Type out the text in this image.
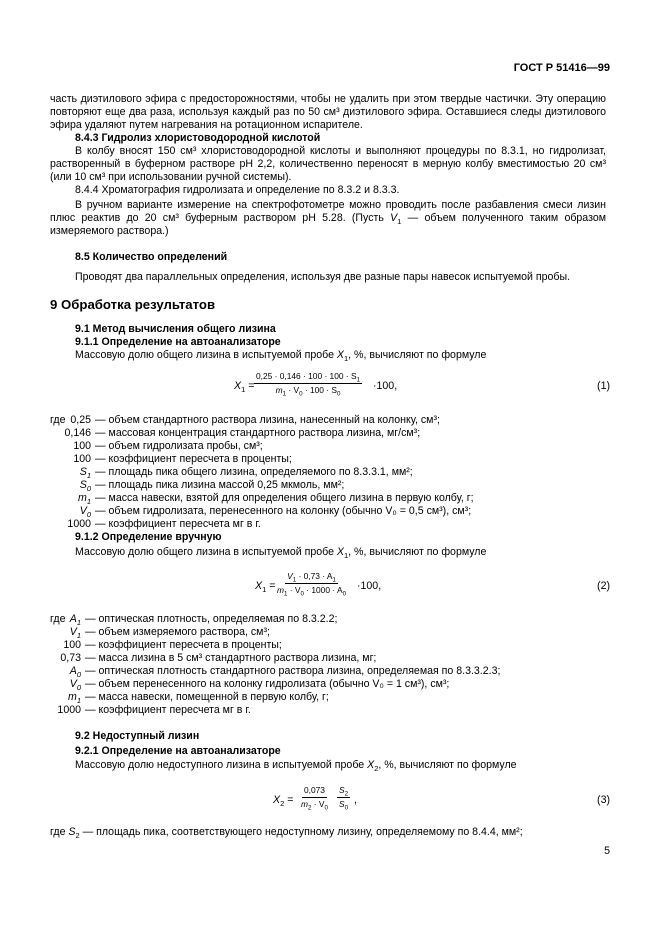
ГОСТ Р 51416—99
часть диэтилового эфира с предосторожностями, чтобы не удалить при этом твердые частички. Эту операцию повторяют еще два раза, используя каждый раз по 50 см³ диэтилового эфира. Оставшиеся следы диэтилового эфира удаляют путем нагревания на ротационном испарителе.
8.4.3 Гидролиз хлористоводородной кислотой
В колбу вносят 150 см³ хлористоводородной кислоты и выполняют процедуры по 8.3.1, но гидролизат, растворенный в буферном растворе рН 2,2, количественно переносят в мерную колбу вместимостью 20 см³ (или 10 см³ при использовании ручной системы).
8.4.4 Хроматография гидролизата и определение по 8.3.2 и 8.3.3.
В ручном варианте измерение на спектрофотометре можно проводить после разбавления смеси лизин плюс реактив до 20 см³ буферным раствором рН 5.28. (Пусть $V_1$ — объем полученного таким образом измеряемого раствора.)
8.5 Количество определений
Проводят два параллельных определения, используя две разные пары навесок испытуемой пробы.
9 Обработка результатов
9.1 Метод вычисления общего лизина
9.1.1 Определение на автоанализаторе
Массовую долю общего лизина в испытуемой пробе $X_1$, %, вычисляют по формуле
$X_1 = \frac{0,25 \cdot 0,146 \cdot 100 \cdot 100 \cdot S_1}{m_1 \cdot V_0 \cdot 100 \cdot S_0} \cdot 100$,	(1)
где 0,25 — объем стандартного раствора лизина, нанесенный на колонку, см³;
0,146 — массовая концентрация стандартного раствора лизина, мг/см³;
100 — объем гидролизата пробы, см³;
100 — коэффициент пересчета в проценты;
$S_1$ — площадь пика общего лизина, определяемого по 8.3.3.1, мм²;
$S_0$ — площадь пика лизина массой 0,25 мкмоль, мм²;
$m_1$ — масса навески, взятой для определения общего лизина в первую колбу, г;
$V_0$ — объем гидролизата, перенесенного на колонку (обычно V₀ = 0,5 см³), см³;
1000 — коэффициент пересчета мг в г.
9.1.2 Определение вручную
Массовую долю общего лизина в испытуемой пробе $X_1$, %, вычисляют по формуле
$X_1 = \frac{V_1 \cdot 0,73 \cdot A_1}{m_1 \cdot V_0 \cdot 1000 \cdot A_0} \cdot 100$,	(2)
где $A_1$ — оптическая плотность, определяемая по 8.3.2.2;
$V_1$ — объем измеряемого раствора, см³;
100 — коэффициент пересчета в проценты;
0,73 — масса лизина в 5 см³ стандартного раствора лизина, мг;
$A_0$ — оптическая плотность стандартного раствора лизина, определяемая по 8.3.3.2.3;
$V_0$ — объем перенесенного на колонку гидролизата (обычно V₀ = 1 см³), см³;
$m_1$ — масса навески, помещенной в первую колбу, г;
1000 — коэффициент пересчета мг в г.
9.2 Недоступный лизин
9.2.1 Определение на автоанализаторе
Массовую долю недоступного лизина в испытуемой пробе $X_2$, %, вычисляют по формуле
$X_2 = \frac{0,073}{m_2 \cdot V_0} \frac{S_2}{S_0}$ ,	(3)
где $S_2$ — площадь пика, соответствующего недоступному лизину, определяемому по 8.4.4, мм²;
5
